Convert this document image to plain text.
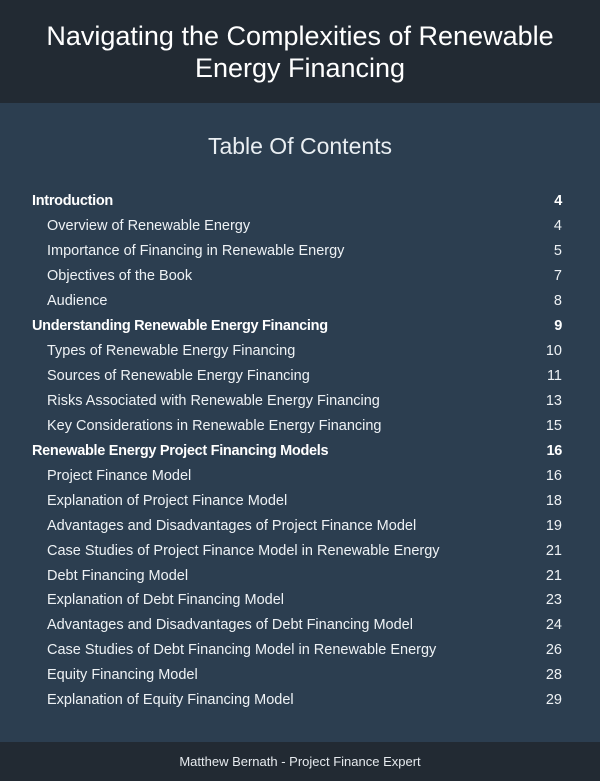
Navigating the Complexities of Renewable Energy Financing
Table Of Contents
Introduction	4
Overview of Renewable Energy	4
Importance of Financing in Renewable Energy	5
Objectives of the Book	7
Audience	8
Understanding Renewable Energy Financing	9
Types of Renewable Energy Financing	10
Sources of Renewable Energy Financing	11
Risks Associated with Renewable Energy Financing	13
Key Considerations in Renewable Energy Financing	15
Renewable Energy Project Financing Models	16
Project Finance Model	16
Explanation of Project Finance Model	18
Advantages and Disadvantages of Project Finance Model	19
Case Studies of Project Finance Model in Renewable Energy	21
Debt Financing Model	21
Explanation of Debt Financing Model	23
Advantages and Disadvantages of Debt Financing Model	24
Case Studies of Debt Financing Model in Renewable Energy	26
Equity Financing Model	28
Explanation of Equity Financing Model	29
Matthew Bernath - Project Finance Expert
